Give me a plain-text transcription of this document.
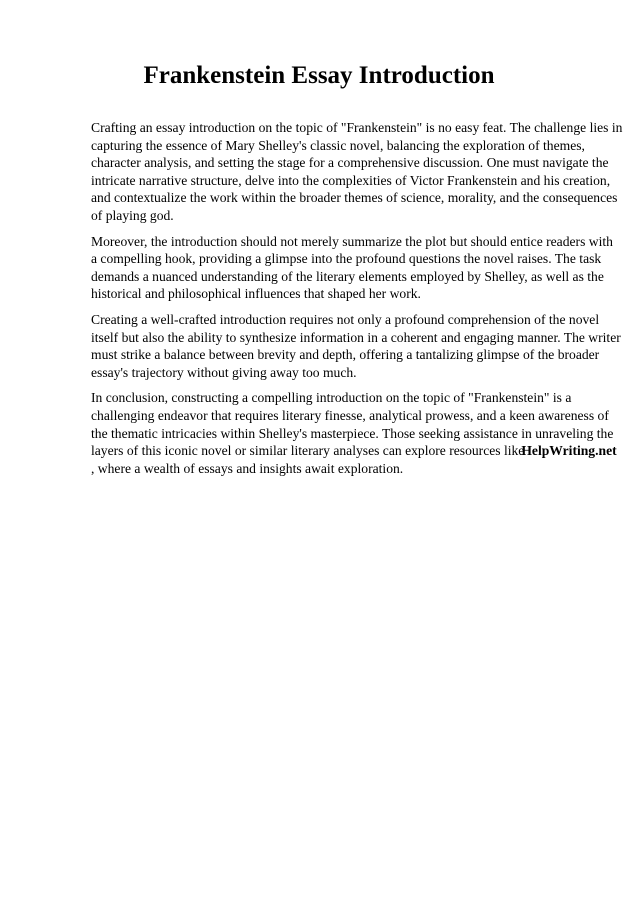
Frankenstein Essay Introduction

Crafting an essay introduction on the topic of "Frankenstein" is no easy feat. The challenge lies in
capturing the essence of Mary Shelley's classic novel, balancing the exploration of themes,
character analysis, and setting the stage for a comprehensive discussion. One must navigate the
intricate narrative structure, delve into the complexities of Victor Frankenstein and his creation,
and contextualize the work within the broader themes of science, morality, and the consequences
of playing god.

Moreover, the introduction should not merely summarize the plot but should entice readers with
a compelling hook, providing a glimpse into the profound questions the novel raises. The task
demands a nuanced understanding of the literary elements employed by Shelley, as well as the
historical and philosophical influences that shaped her work.

Creating a well-crafted introduction requires not only a profound comprehension of the novel
itself but also the ability to synthesize information in a coherent and engaging manner. The writer
must strike a balance between brevity and depth, offering a tantalizing glimpse of the broader
essay's trajectory without giving away too much.

In conclusion, constructing a compelling introduction on the topic of "Frankenstein" is a
challenging endeavor that requires literary finesse, analytical prowess, and a keen awareness of
the thematic intricacies within Shelley's masterpiece. Those seeking assistance in unraveling the
layers of this iconic novel or similar literary analyses can explore resources likeHelpWriting.net
, where a wealth of essays and insights await exploration.
